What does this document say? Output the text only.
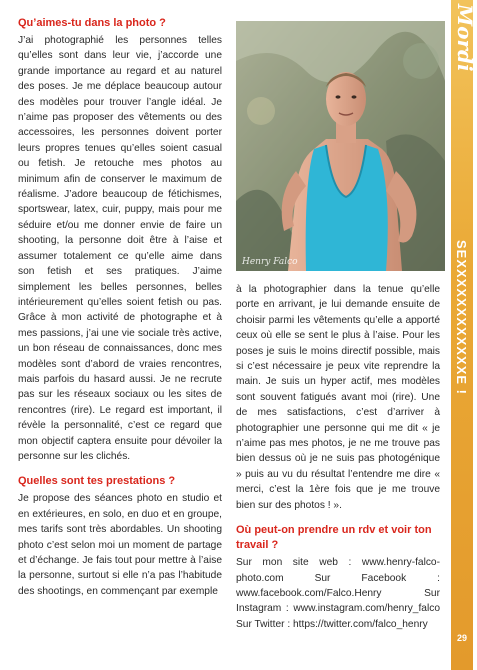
Qu’aimes-tu dans la photo ?

J’ai photographié les personnes telles qu’elles sont dans leur vie, j’accorde une grande importance au regard et au naturel des poses. Je me déplace beaucoup autour des modèles pour trouver l’angle idéal. Je n’aime pas proposer des vêtements ou des accessoires, les personnes doivent porter leurs propres tenues qu’elles soient casual ou fetish. Je retouche mes photos au minimum afin de conserver le maximum de réalisme. J’adore beaucoup de fétichismes, sportswear, latex, cuir, puppy, mais pour me séduire et/ou me donner envie de faire un shooting, la personne doit être à l’aise et assumer totalement ce qu’elle aime dans son fetish et ses pratiques. J’aime simplement les belles personnes, belles intérieurement qu’elles soient fetish ou pas. Grâce à mon activité de photographe et à mes passions, j’ai une vie sociale très active, un bon réseau de connaissances, donc mes modèles sont d’abord de vraies rencontres, mais parfois du hasard aussi. Je ne recrute pas sur les réseaux sociaux ou les sites de rencontres (rire). Le regard est important, il révèle la personnalité, c’est ce regard que mon objectif captera ensuite pour dévoiler la personne sur les clichés.

Quelles sont tes prestations ?

Je propose des séances photo en studio et en extérieures, en solo, en duo et en groupe, mes tarifs sont très abordables. Un shooting photo c’est selon moi un moment de partage et d’échange. Je fais tout pour mettre à l’aise la personne, surtout si elle n’a pas l’habitude des shootings, en commençant par exemple

Henry Falco

à la photographier dans la tenue qu’elle porte en arrivant, je lui demande ensuite de choisir parmi les vêtements qu’elle a apporté ceux où elle se sent le plus à l’aise. Pour les poses je suis le moins directif possible, mais si c’est nécessaire je peux vite reprendre la main. Je suis un hyper actif, mes modèles sont souvent fatigués avant moi (rire). Une de mes satisfactions, c’est d’arriver à photographier une personne qui me dit « je n’aime pas mes photos, je ne me trouve pas bien dessus où je ne suis pas photogénique » puis au vu du résultat l’entendre me dire « merci, c’est la 1ère fois que je me trouve bien sur des photos ! ».

Où peut-on prendre un rdv et voir ton travail ?

Sur mon site web : www.henry-falco-photo.com Sur Facebook : www.facebook.com/Falco.Henry Sur Instagram : www.instagram.com/henry_falco Sur Twitter : https://twitter.com/falco_henry

Mordi
SEXXXXXXXXXXXXE !
29
